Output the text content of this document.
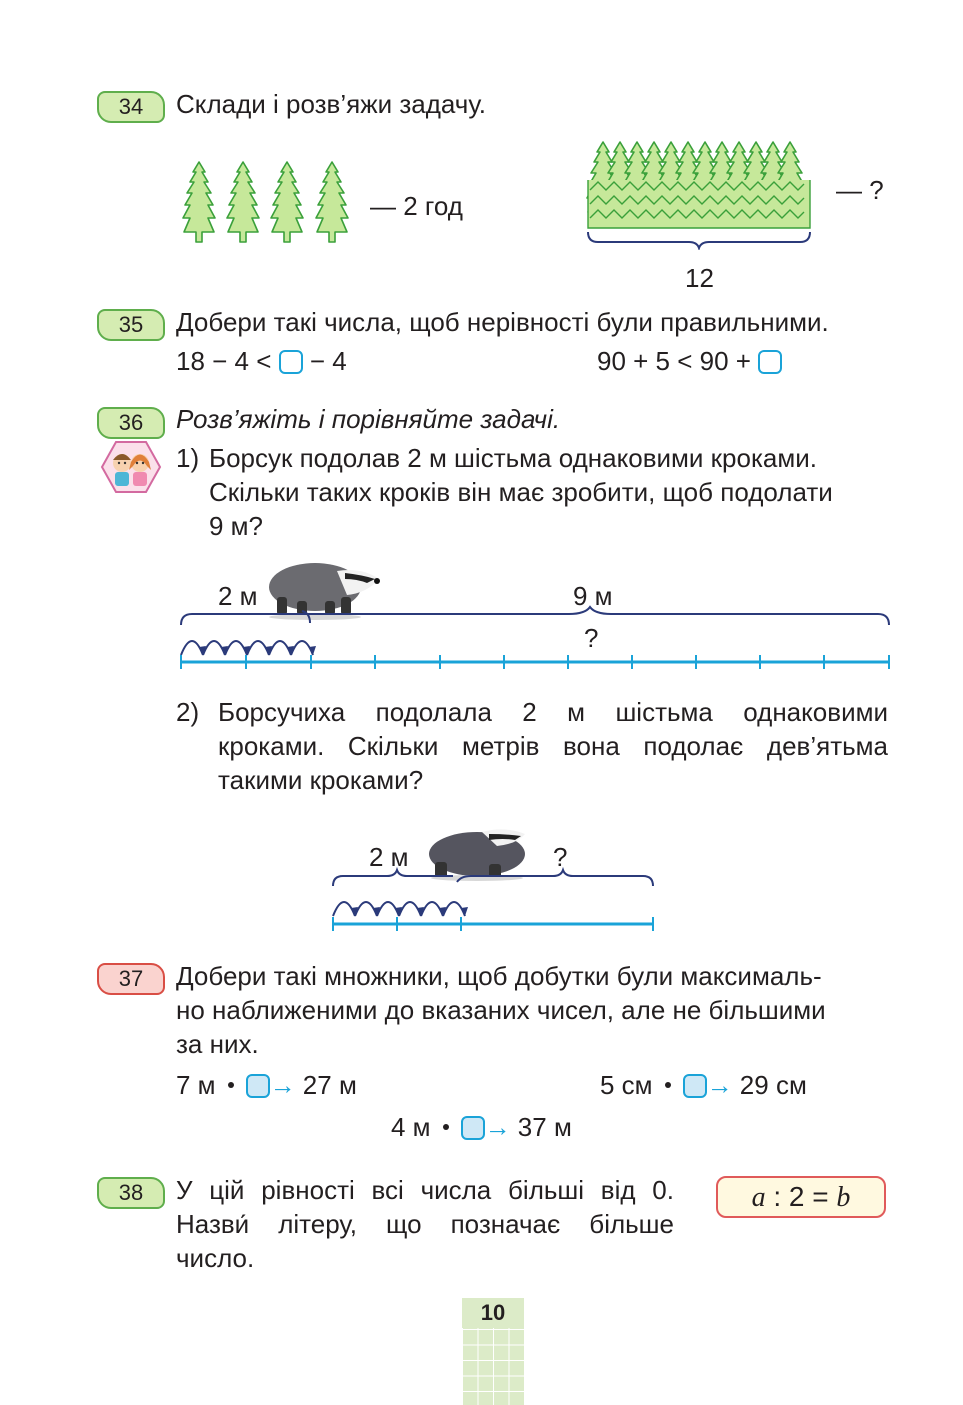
34	Склади і розв’яжи задачу.
— 2 год
— ?
12
35	Добери такі числа, щоб нерівності були правильними.
18 − 4 < − 4	90 + 5 < 90 +
36	Розв’яжіть і порівняйте задачі.
1) Борсук подолав 2 м шістьма однаковими кроками.
Скільки таких кроків він має зробити, щоб подолати
9 м?
2 м	9 м
?
2) Борсучиха подолала 2 м шістьма однаковими
кроками. Скільки метрів вона подолає дев’ятьма
такими кроками?
2 м	?
37	Добери такі множники, щоб добутки були максималь-
но наближеними до вказаних чисел, але не більшими
за них.
7 м → 27 м	5 см → 29 см
4 м → 37 м
38	У цій рівності всі числа більші від 0.
Назви́ літеру, що позначає більше
число.
a : 2 = b
10
